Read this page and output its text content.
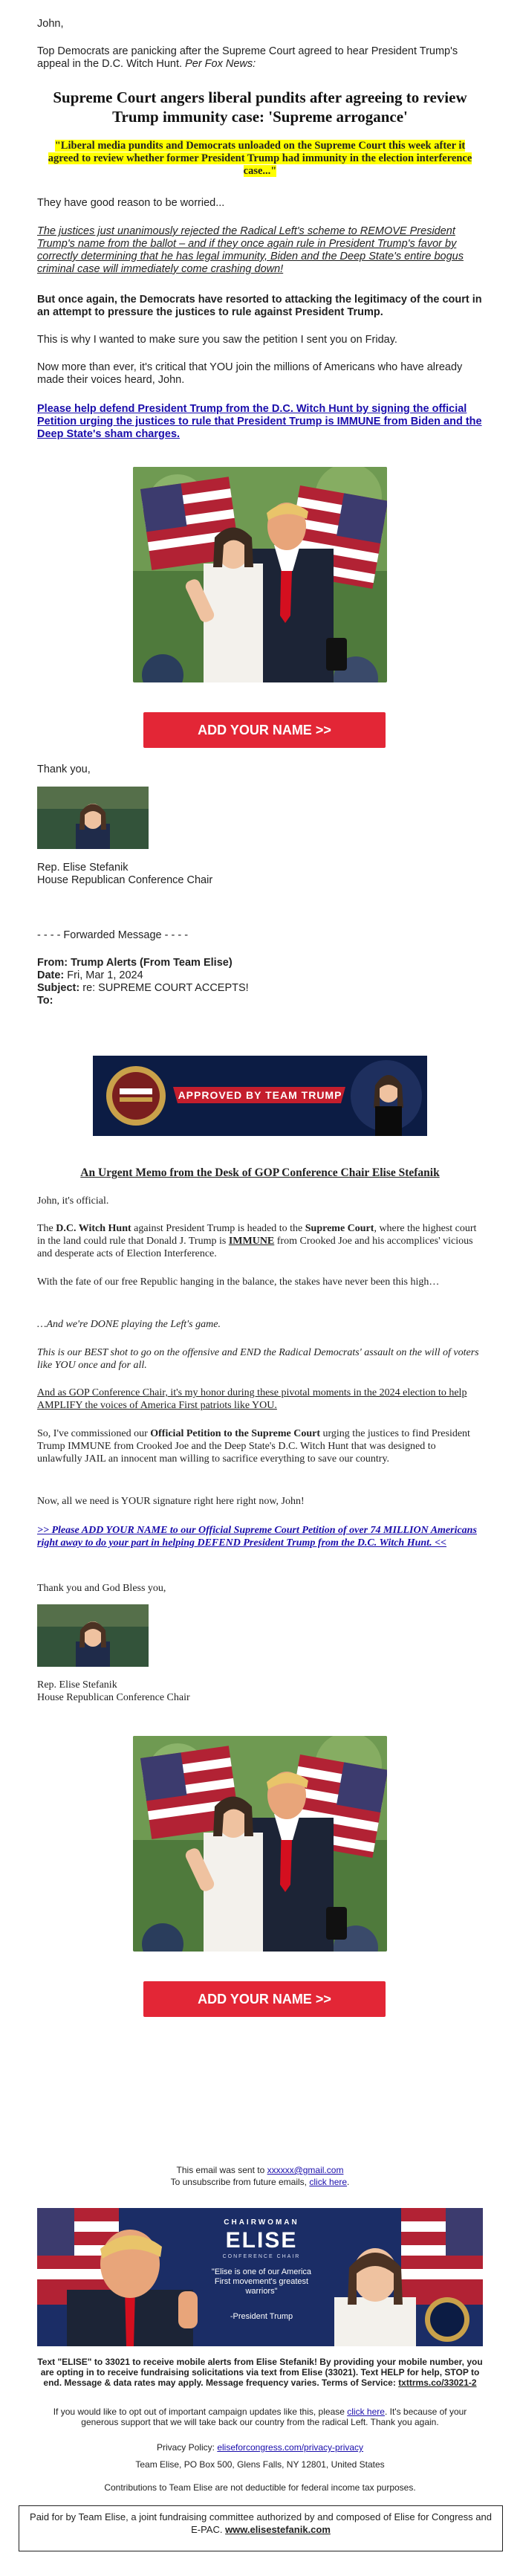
John,
Top Democrats are panicking after the Supreme Court agreed to hear President Trump's appeal in the D.C. Witch Hunt. Per Fox News:
Supreme Court angers liberal pundits after agreeing to review Trump immunity case: 'Supreme arrogance'
"Liberal media pundits and Democrats unloaded on the Supreme Court this week after it agreed to review whether former President Trump had immunity in the election interference case..."
They have good reason to be worried...
The justices just unanimously rejected the Radical Left's scheme to REMOVE President Trump's name from the ballot – and if they once again rule in President Trump's favor by correctly determining that he has legal immunity, Biden and the Deep State's entire bogus criminal case will immediately come crashing down!
But once again, the Democrats have resorted to attacking the legitimacy of the court in an attempt to pressure the justices to rule against President Trump.
This is why I wanted to make sure you saw the petition I sent you on Friday.
Now more than ever, it's critical that YOU join the millions of Americans who have already made their voices heard, John.
Please help defend President Trump from the D.C. Witch Hunt by signing the official Petition urging the justices to rule that President Trump is IMMUNE from Biden and the Deep State's sham charges.
ADD YOUR NAME >>
Thank you,
Rep. Elise Stefanik
House Republican Conference Chair
- - - - Forwarded Message - - - -
From: Trump Alerts (From Team Elise)
Date: Fri, Mar 1, 2024
Subject: re: SUPREME COURT ACCEPTS!
To:
APPROVED BY TEAM TRUMP
An Urgent Memo from the Desk of GOP Conference Chair Elise Stefanik
John, it's official.
The D.C. Witch Hunt against President Trump is headed to the Supreme Court, where the highest court in the land could rule that Donald J. Trump is IMMUNE from Crooked Joe and his accomplices' vicious and desperate acts of Election Interference.
With the fate of our free Republic hanging in the balance, the stakes have never been this high…
…And we're DONE playing the Left's game.
This is our BEST shot to go on the offensive and END the Radical Democrats' assault on the will of voters like YOU once and for all.
And as GOP Conference Chair, it's my honor during these pivotal moments in the 2024 election to help AMPLIFY the voices of America First patriots like YOU.
So, I've commissioned our Official Petition to the Supreme Court urging the justices to find President Trump IMMUNE from Crooked Joe and the Deep State's D.C. Witch Hunt that was designed to unlawfully JAIL an innocent man willing to sacrifice everything to save our country.
Now, all we need is YOUR signature right here right now, John!
>> Please ADD YOUR NAME to our Official Supreme Court Petition of over 74 MILLION Americans right away to do your part in helping DEFEND President Trump from the D.C. Witch Hunt. <<
Thank you and God Bless you,
Rep. Elise Stefanik
House Republican Conference Chair
ADD YOUR NAME >>
This email was sent to xxxxxx@gmail.com
To unsubscribe from future emails, click here.
CHAIRWOMAN
ELISE
CONFERENCE CHAIR
"Elise is one of our America First movement's greatest warriors"
-President Trump
Text "ELISE" to 33021 to receive mobile alerts from Elise Stefanik! By providing your mobile number, you are opting in to receive fundraising solicitations via text from Elise (33021). Text HELP for help, STOP to end. Message & data rates may apply. Message frequency varies. Terms of Service: txttrms.co/33021-2
If you would like to opt out of important campaign updates like this, please click here. It's because of your generous support that we will take back our country from the radical Left. Thank you again.
Privacy Policy: eliseforcongress.com/privacy-privacy
Team Elise, PO Box 500, Glens Falls, NY 12801, United States
Contributions to Team Elise are not deductible for federal income tax purposes.
Paid for by Team Elise, a joint fundraising committee authorized by and composed of Elise for Congress and E-PAC. www.elisestefanik.com
